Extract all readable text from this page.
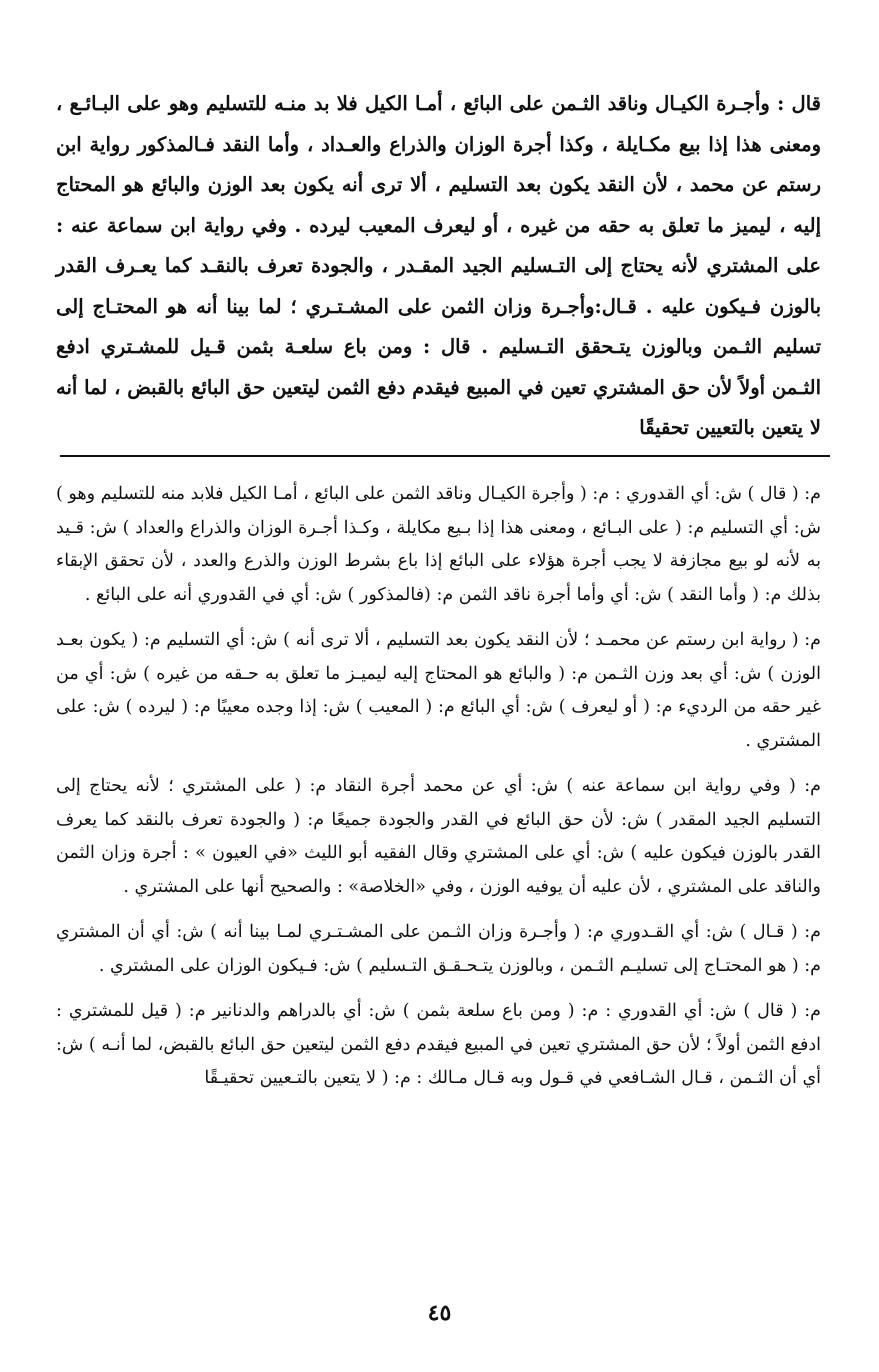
قال : وأجـرة الكيـال وناقد الثـمن على البائع ، أمـا الكيل فلا بد منـه للتسليم وهو على البـائـع ، ومعنى هذا إذا بيع مكـايلة ، وكذا أجرة الوزان والذراع والعـداد ، وأما النقد فـالمذكور رواية ابن رستم عن محمد ، لأن النقد يكون بعد التسليم ، ألا ترى أنه يكون بعد الوزن والبائع هو المحتاج إليه ، ليميز ما تعلق به حقه من غيره ، أو ليعرف المعيب ليرده . وفي رواية ابن سماعة عنه : على المشتري لأنه يحتاج إلى التـسليم الجيد المقـدر ، والجودة تعرف بالنقـد كما يعـرف القدر بالوزن فـيكون عليه . قـال:وأجـرة وزان الثمن على المشـتـري ؛ لما بينا أنه هو المحتـاج إلى تسليم الثـمن وبالوزن يتـحقق التـسليم . قال : ومن باع سلعـة بثمن قـيل للمشـتري ادفع الثـمن أولاً لأن حق المشتري تعين في المبيع فيقدم دفع الثمن ليتعين حق البائع بالقبض ، لما أنه لا يتعين بالتعيين تحقيقًا

م: ( قال ) ش: أي القدوري : م: ( وأجرة الكيـال وناقد الثمن على البائع ، أمـا الكيل فلابد منه للتسليم وهو ) ش: أي التسليم م: ( على البـائع ، ومعنى هذا إذا بـيع مكايلة ، وكـذا أجـرة الوزان والذراع والعداد ) ش: قـيد به لأنه لو بيع مجازفة لا يجب أجرة هؤلاء على البائع إذا باع بشرط الوزن والذرع والعدد ، لأن تحقق الإبقاء بذلك م: ( وأما النقد ) ش: أي وأما أجرة ناقد الثمن م: (فالمذكور ) ش: أي في القدوري أنه على البائع .

م: ( رواية ابن رستم عن محمـد ؛ لأن النقد يكون بعد التسليم ، ألا ترى أنه ) ش: أي التسليم م: ( يكون بعـد الوزن ) ش: أي بعد وزن الثـمن م: ( والبائع هو المحتاج إليه ليميـز ما تعلق به حـقه من غيره ) ش: أي من غير حقه من الرديء م: ( أو ليعرف ) ش: أي البائع م: ( المعيب ) ش: إذا وجده معيبًا م: ( ليرده ) ش: على المشتري .

م: ( وفي رواية ابن سماعة عنه ) ش: أي عن محمد أجرة النقاد م: ( على المشتري ؛ لأنه يحتاج إلى التسليم الجيد المقدر ) ش: لأن حق البائع في القدر والجودة جميعًا م: ( والجودة تعرف بالنقد كما يعرف القدر بالوزن فيكون عليه ) ش: أي على المشتري وقال الفقيه أبو الليث «في العيون » : أجرة وزان الثمن والناقد على المشتري ، لأن عليه أن يوفيه الوزن ، وفي «الخلاصة» : والصحيح أنها على المشتري .

م: ( قـال ) ش: أي القـدوري م: ( وأجـرة وزان الثـمن على المشـتـري لمـا بينا أنه ) ش: أي أن المشتري م: ( هو المحتـاج إلى تسليـم الثـمن ، وبالوزن يتـحـقـق التـسليم ) ش: فـيكون الوزان على المشتري .

م: ( قال ) ش: أي القدوري : م: ( ومن باع سلعة بثمن ) ش: أي بالدراهم والدنانير م: ( قيل للمشتري : ادفع الثمن أولاً ؛ لأن حق المشتري تعين في المبيع فيقدم دفع الثمن ليتعين حق البائع بالقبض، لما أنـه ) ش: أي أن الثـمن ، قـال الشـافعي في قـول وبه قـال مـالك : م: ( لا يتعين بالتـعيين تحقيـقًا

٤٥
